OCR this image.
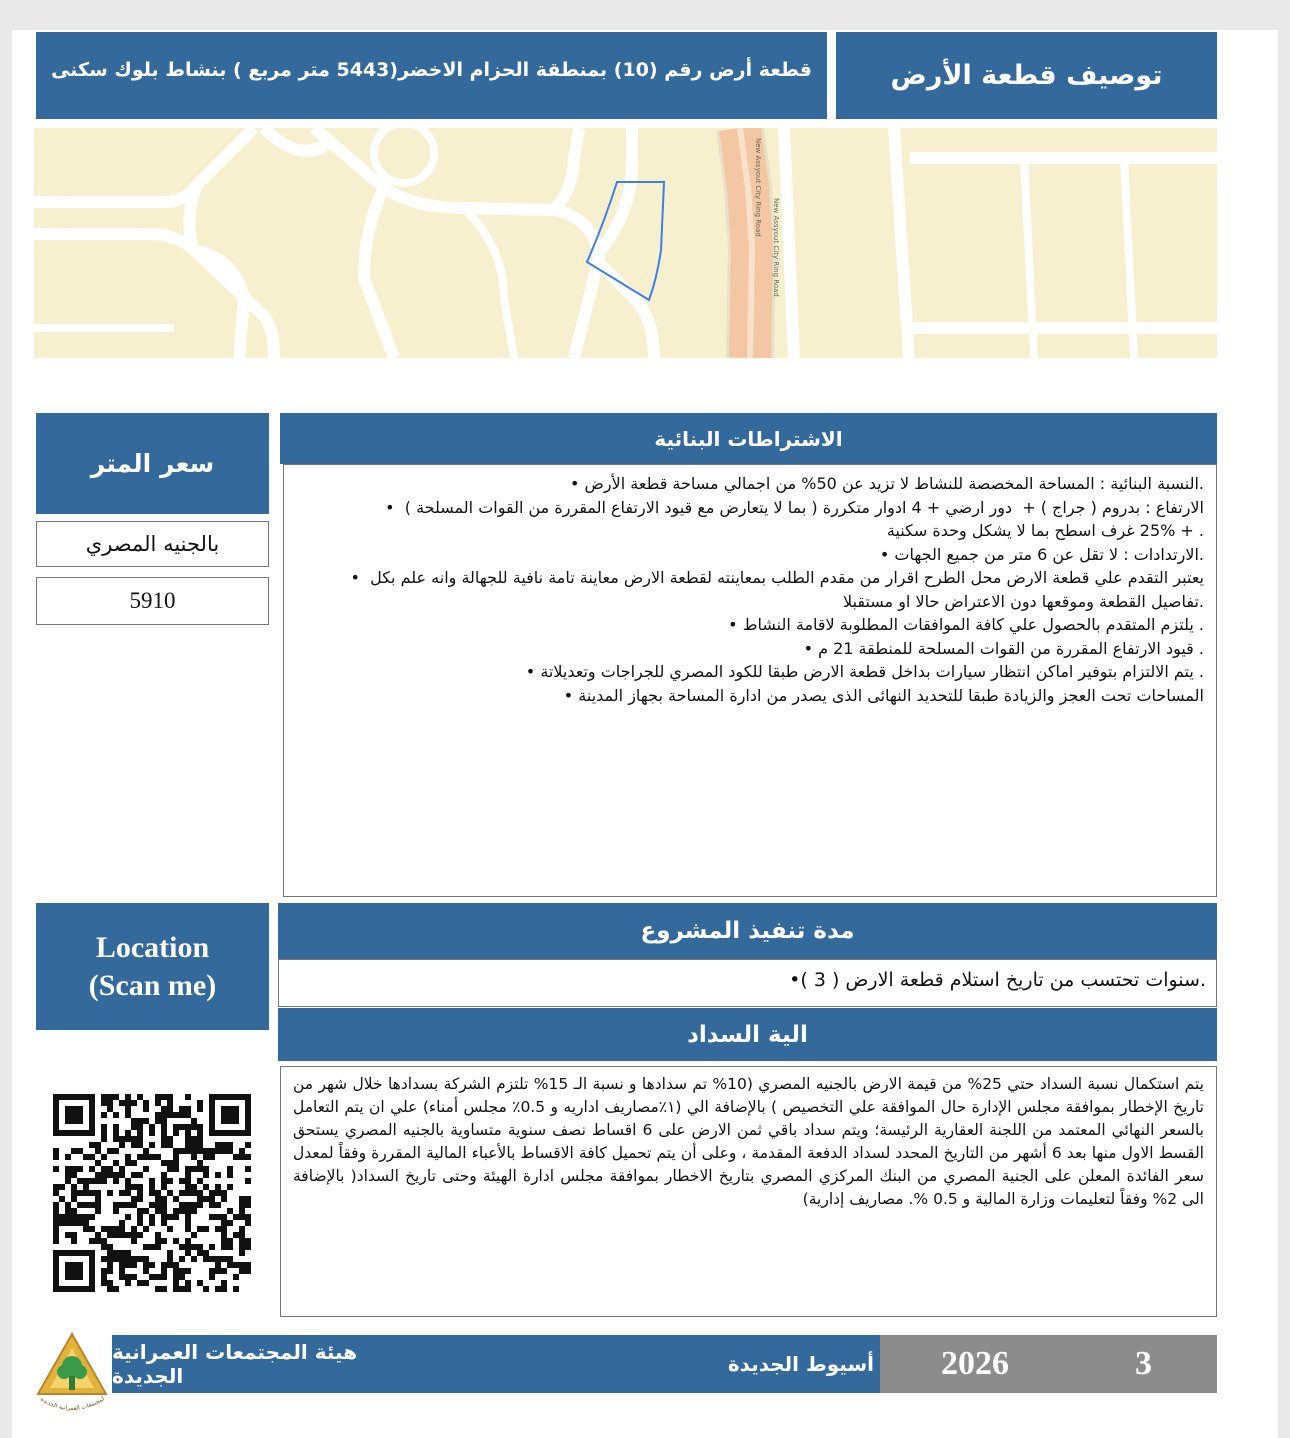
توصيف قطعة الأرض
قطعة أرض رقم (10) بمنطقة الحزام الاخضر(5443 متر مربع ) بنشاط بلوك سكنى
New Assyout City Ring Road
New Assyout City Ring Road
سعر المتر
بالجنيه المصري
5910
الاشتراطات البنائية
.النسبة البنائية : المساحة المخصصة للنشاط لا تزيد عن 50% من اجمالي مساحة قطعة الأرض •
الارتفاع : بدروم ( جراج ) +  دور ارضي + 4 ادوار متكررة ( بما لا يتعارض مع قيود الارتفاع المقررة من القوات المسلحة )  •
. + 25% غرف اسطح بما لا يشكل وحدة سكنية
.الارتدادات : لا تقل عن 6 متر من جميع الجهات •
يعتبر التقدم علي قطعة الارض محل الطرح اقرار من مقدم الطلب بمعاينته لقطعة الارض معاينة تامة نافية للجهالة وانه علم بكل  •
.تفاصيل القطعة وموقعها دون الاعتراض حالا او مستقبلا
. يلتزم المتقدم بالحصول علي كافة الموافقات المطلوبة لاقامة النشاط •
. قيود الارتفاع المقررة من القوات المسلحة للمنطقة 21 م •
. يتم الالتزام بتوفير اماكن انتظار سيارات بداخل قطعة الارض طبقا للكود المصري للجراجات وتعديلاتة •
المساحات تحت العجز والزيادة طبقا للتحديد النهائى الذى يصدر من ادارة المساحة بجهاز المدينة •
Location
(Scan me)
مدة تنفيذ المشروع
.سنوات تحتسب من تاريخ استلام قطعة الارض ( 3 )•
الية السداد
يتم استكمال نسبة السداد حتي 25% من قيمة الارض بالجنيه المصري (10% تم سدادها و نسبة الـ 15% تلتزم الشركة بسدادها خلال شهر من تاريخ الإخطار بموافقة مجلس الإدارة حال الموافقة علي التخصيص ) بالإضافة الي (١٪مصاريف اداريه و 0.5٪ مجلس أمناء) علي ان يتم التعامل بالسعر النهائي المعتمد من اللجنة العقارية الرئيسة؛ ويتم سداد باقي ثمن الارض على 6 اقساط نصف سنوية متساوية بالجنيه المصري يستحق القسط الاول منها بعد 6 أشهر من التاريخ المحدد لسداد الدفعة المقدمة ، وعلى أن يتم تحميل كافة الاقساط بالأعباء المالية المقررة وفقاً لمعدل سعر الفائدة المعلن على الجنية المصري من البنك المركزي المصري بتاريخ الاخطار بموافقة مجلس ادارة الهيئة وحتى تاريخ السداد( بالإضافة الى 2% وفقاً لتعليمات وزارة المالية و 0.5 %. مصاريف إدارية)
لمجتمعات العمرانية الجديدة
هيئة المجتمعات العمرانية الجديدة	أسيوط الجديدة 2026	3
